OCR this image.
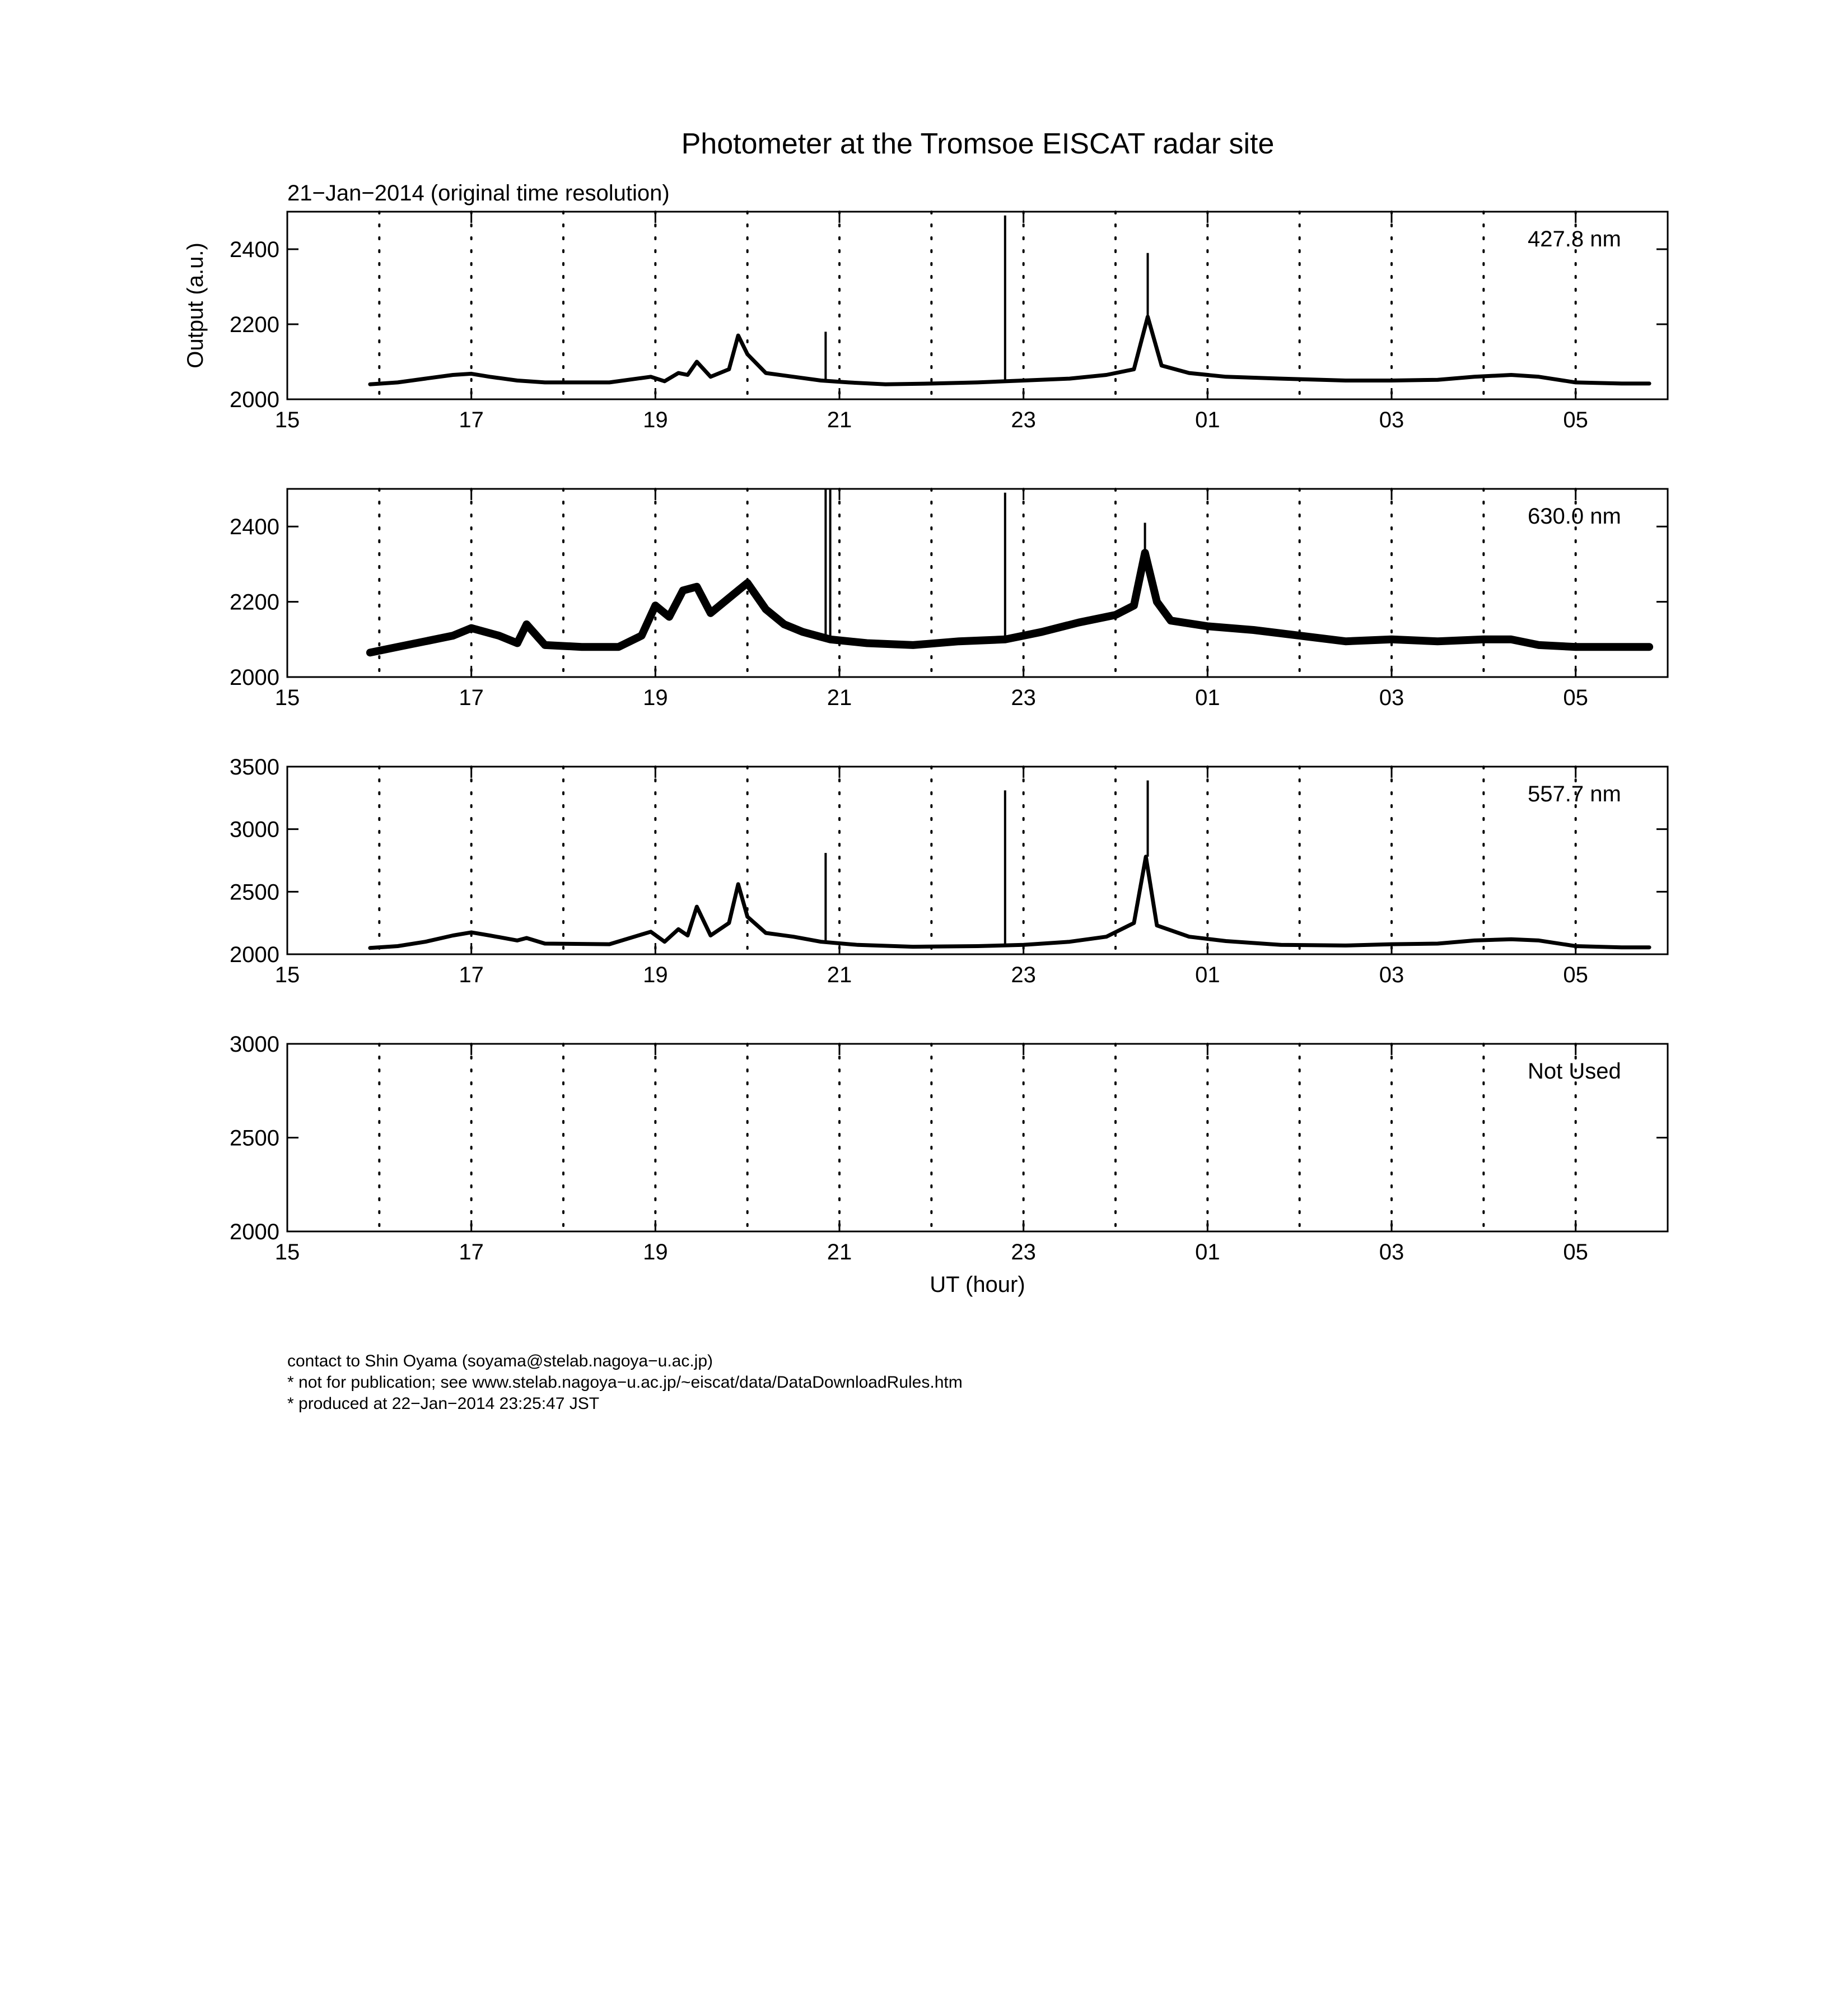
Photometer at the Tromsoe EISCAT radar site
21−Jan−2014 (original time resolution)
2000
2200
2400
15	17	19	21	23	01	03	05
427.8 nm
Output (a.u.)
2000
2200
2400
15	17	19	21	23	01	03	05
630.0 nm
2000
2500
3000
3500
15	17	19	21	23	01	03	05
557.7 nm
2000
2500
3000
15	17	19	21	23	01	03	05
Not Used
UT (hour)
contact to Shin Oyama (soyama@stelab.nagoya−u.ac.jp)
* not for publication; see www.stelab.nagoya−u.ac.jp/~eiscat/data/DataDownloadRules.htm
* produced at 22−Jan−2014 23:25:47 JST
